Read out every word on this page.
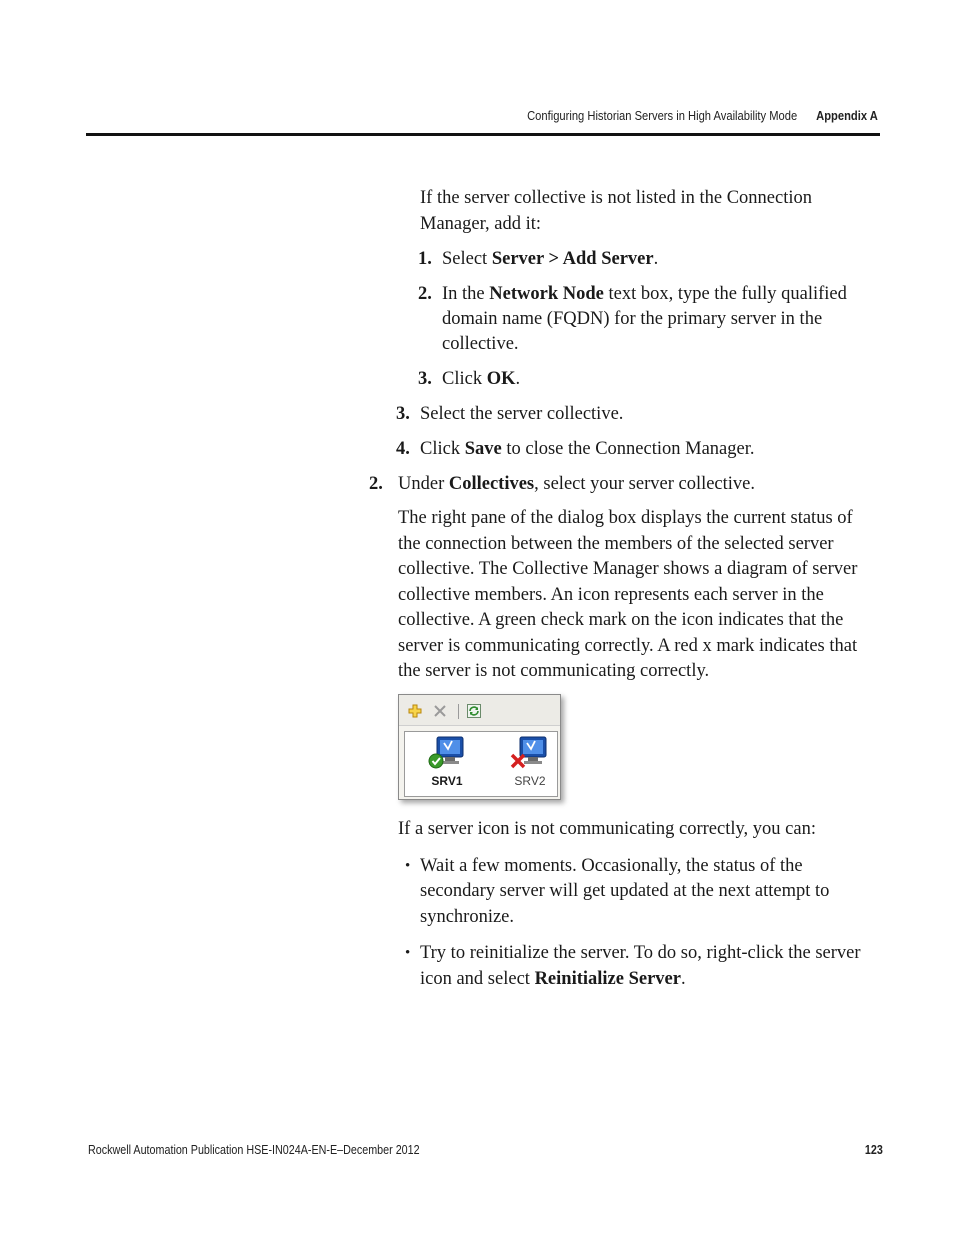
Configuring Historian Servers in High Availability Mode Appendix A
If the server collective is not listed in the Connection
Manager, add it:
1. Select Server > Add Server.
2. In the Network Node text box, type the fully qualified
domain name (FQDN) for the primary server in the
collective.
3. Click OK.
3. Select the server collective.
4. Click Save to close the Connection Manager.
2. Under Collectives, select your server collective.
The right pane of the dialog box displays the current status of
the connection between the members of the selected server
collective. The Collective Manager shows a diagram of server
collective members. An icon represents each server in the
collective. A green check mark on the icon indicates that the
server is communicating correctly. A red x mark indicates that
the server is not communicating correctly.
SRV1	SRV2
If a server icon is not communicating correctly, you can:
• Wait a few moments. Occasionally, the status of the
secondary server will get updated at the next attempt to
synchronize.
• Try to reinitialize the server. To do so, right-click the server
icon and select Reinitialize Server.
Rockwell Automation Publication HSE-IN024A-EN-E–December 2012	123
